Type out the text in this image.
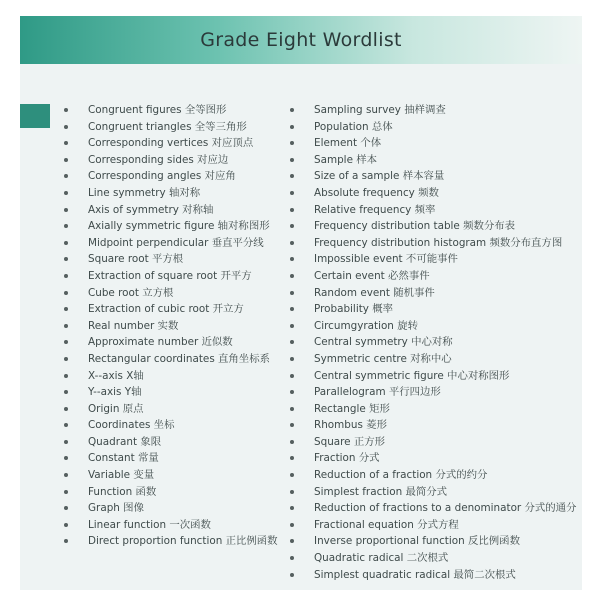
Grade Eight Wordlist
Congruent figures 全等图形
Congruent triangles 全等三角形
Corresponding vertices 对应顶点
Corresponding sides 对应边
Corresponding angles 对应角
Line symmetry 轴对称
Axis of symmetry 对称轴
Axially symmetric figure 轴对称图形
Midpoint perpendicular 垂直平分线
Square root 平方根
Extraction of square root 开平方
Cube root 立方根
Extraction of cubic root 开立方
Real number 实数
Approximate number 近似数
Rectangular coordinates 直角坐标系
X--axis X轴
Y--axis Y轴
Origin 原点
Coordinates 坐标
Quadrant 象限
Constant 常量
Variable 变量
Function 函数
Graph 图像
Linear function 一次函数
Direct proportion function 正比例函数
Sampling survey 抽样调查
Population 总体
Element 个体
Sample 样本
Size of a sample 样本容量
Absolute frequency 频数
Relative frequency 频率
Frequency distribution table 频数分布表
Frequency distribution histogram 频数分布直方图
Impossible event 不可能事件
Certain event 必然事件
Random event 随机事件
Probability 概率
Circumgyration 旋转
Central symmetry 中心对称
Symmetric centre 对称中心
Central symmetric figure 中心对称图形
Parallelogram 平行四边形
Rectangle 矩形
Rhombus 菱形
Square 正方形
Fraction 分式
Reduction of a fraction 分式的约分
Simplest fraction 最简分式
Reduction of fractions to a denominator 分式的通分
Fractional equation 分式方程
Inverse proportional function 反比例函数
Quadratic radical 二次根式
Simplest quadratic radical 最简二次根式
